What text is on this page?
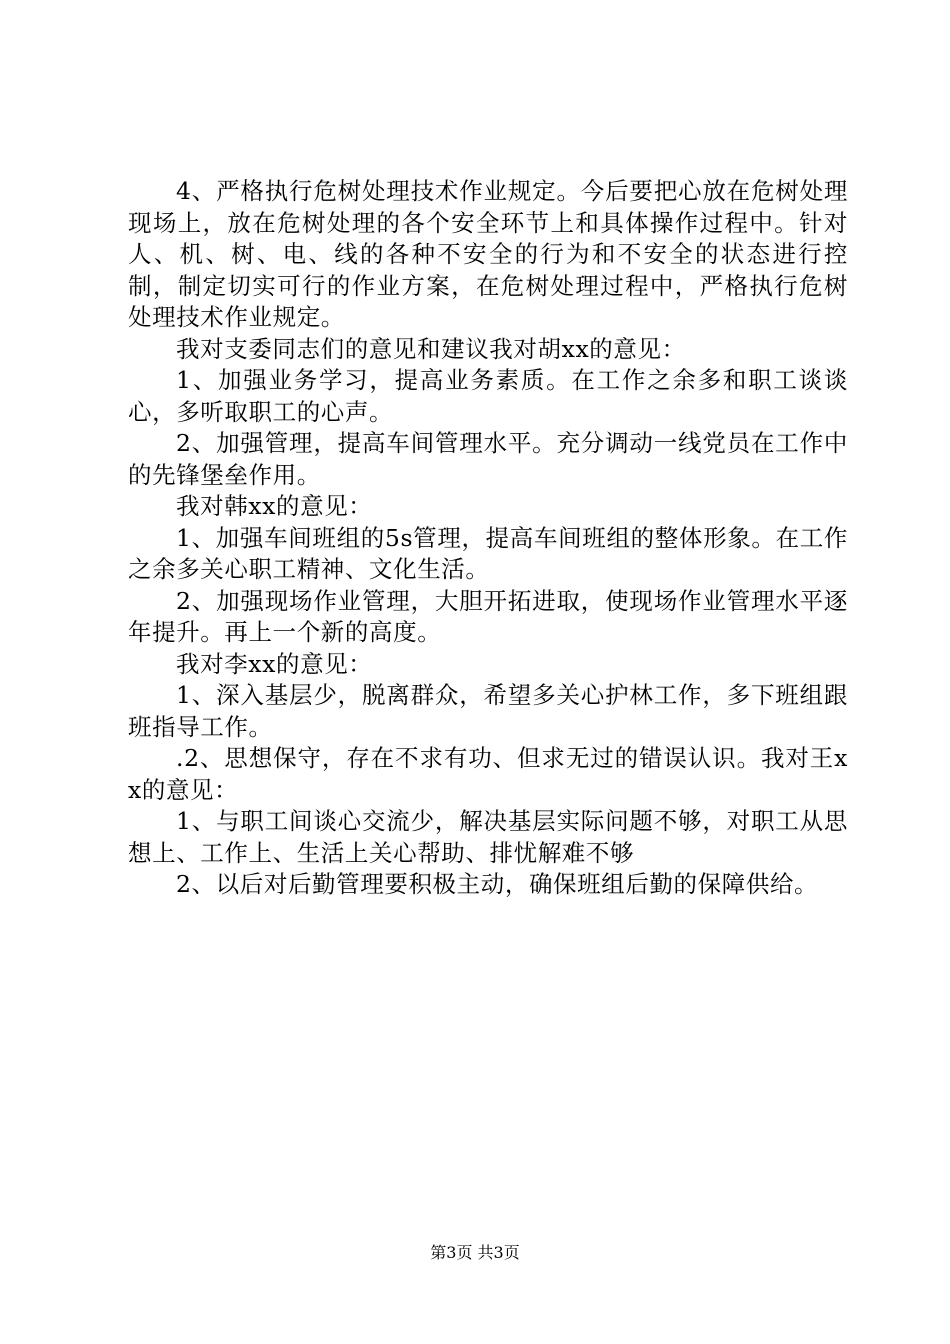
4、严格执行危树处理技术作业规定。今后要把心放在危树处理现场上，放在危树处理的各个安全环节上和具体操作过程中。针对人、机、树、电、线的各种不安全的行为和不安全的状态进行控制，制定切实可行的作业方案，在危树处理过程中，严格执行危树处理技术作业规定。

我对支委同志们的意见和建议我对胡xx的意见：

1、加强业务学习，提高业务素质。在工作之余多和职工谈谈心，多听取职工的心声。

2、加强管理，提高车间管理水平。充分调动一线党员在工作中的先锋堡垒作用。

我对韩xx的意见：

1、加强车间班组的5s管理，提高车间班组的整体形象。在工作之余多关心职工精神、文化生活。

2、加强现场作业管理，大胆开拓进取，使现场作业管理水平逐年提升。再上一个新的高度。

我对李xx的意见：

1、深入基层少，脱离群众，希望多关心护林工作，多下班组跟班指导工作。

.2、思想保守，存在不求有功、但求无过的错误认识。我对王xx的意见：

1、与职工间谈心交流少，解决基层实际问题不够，对职工从思想上、工作上、生活上关心帮助、排忧解难不够

2、以后对后勤管理要积极主动，确保班组后勤的保障供给。

第3页 共3页
